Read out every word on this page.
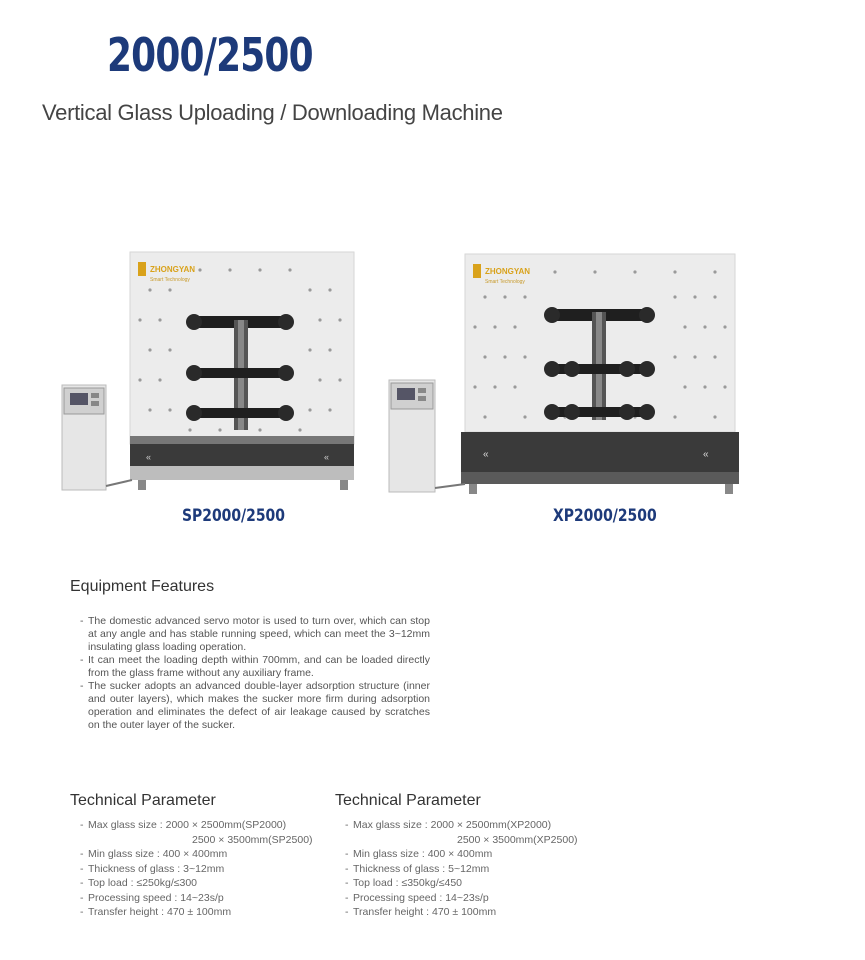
2000/2500
Vertical Glass Uploading / Downloading Machine
ZHONGYAN
Smart Technology
«	«
SP2000/2500
ZHONGYAN
Smart Technology
«	«
XP2000/2500
Equipment Features
- The domestic advanced servo motor is used to turn over, which can stop at any angle and has stable running speed, which can meet the 3~12mm insulating glass loading operation.
- It can meet the loading depth within 700mm, and can be loaded directly from the glass frame without any auxiliary frame.
- The sucker adopts an advanced double-layer adsorption structure (inner and outer layers), which makes the sucker more firm during adsorption operation and eliminates the defect of air leakage caused by scratches on the outer layer of the sucker.
Technical Parameter
- Max glass size : 2000 × 2500mm(SP2000)
2500 × 3500mm(SP2500)
- Min glass size : 400 × 400mm
- Thickness of glass : 3~12mm
- Top load : ≤250kg/≤300
- Processing speed : 14~23s/p
- Transfer height : 470 ± 100mm
Technical Parameter
- Max glass size : 2000 × 2500mm(XP2000)
2500 × 3500mm(XP2500)
- Min glass size : 400 × 400mm
- Thickness of glass : 5~12mm
- Top load : ≤350kg/≤450
- Processing speed : 14~23s/p
- Transfer height : 470 ± 100mm
